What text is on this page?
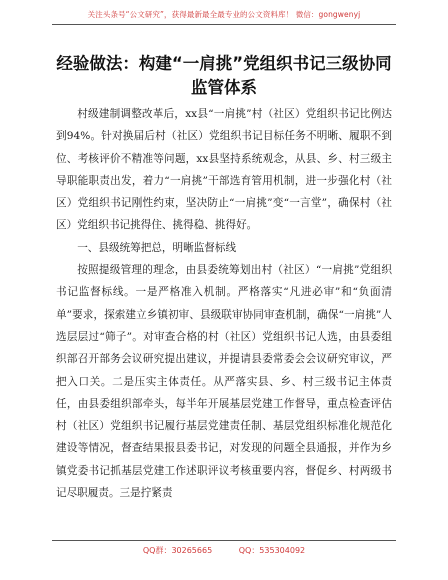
关注头条号“公文研究”，获得最新最全最专业的公文资料库！ 微信：gongwenyj
经验做法：构建“一肩挑”党组织书记三级协同监管体系

村级建制调整改革后，xx县“一肩挑”村（社区）党组织书记比例达到94%。针对换届后村（社区）党组织书记目标任务不明晰、履职不到位、考核评价不精准等问题，xx县坚持系统观念，从县、乡、村三级主导职能职责出发，着力“一肩挑”干部选育管用机制，进一步强化村（社区）党组织书记刚性约束，坚决防止“一肩挑”变“一言堂”，确保村（社区）党组织书记挑得住、挑得稳、挑得好。

一、县级统筹把总，明晰监督标线

按照提级管理的理念，由县委统筹划出村（社区）“一肩挑”党组织书记监督标线。一是严格准入机制。严格落实“凡进必审”和“负面清单”要求，探索建立乡镇初审、县级联审协同审查机制，确保“一肩挑”人选层层过“筛子”。对审查合格的村（社区）党组织书记人选，由县委组织部召开部务会议研究提出建议，并提请县委常委会会议研究审议，严把入口关。二是压实主体责任。从严落实县、乡、村三级书记主体责任，由县委组织部牵头，每半年开展基层党建工作督导，重点检查评估村（社区）党组织书记履行基层党建责任制、基层党组织标准化规范化建设等情况，督查结果报县委书记，对发现的问题全县通报，并作为乡镇党委书记抓基层党建工作述职评议考核重要内容，督促乡、村两级书记尽职履责。三是拧紧责

QQ群：30265665	QQ：535304092
